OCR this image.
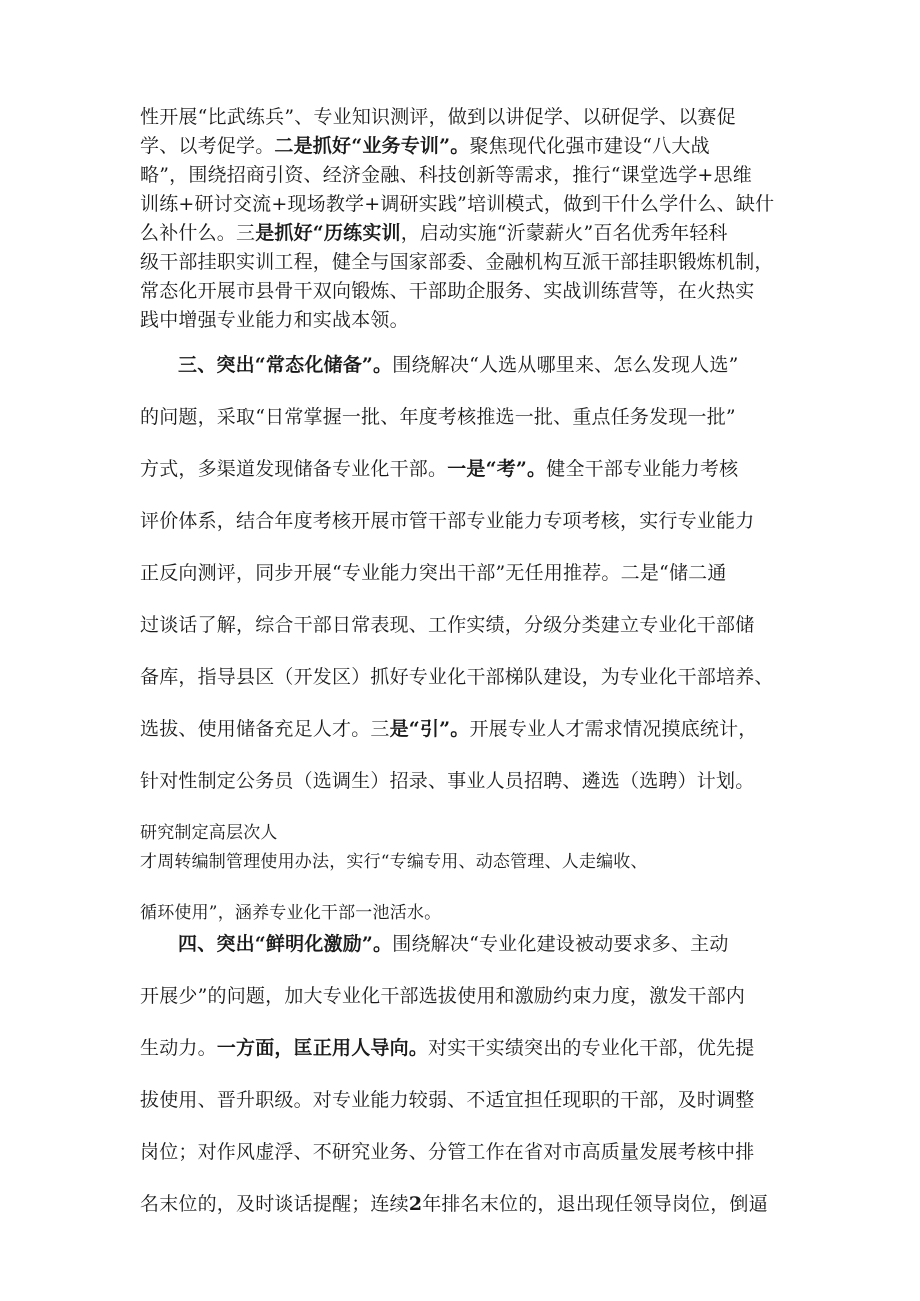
性开展“比武练兵”、专业知识测评，做到以讲促学、以研促学、以赛促
学、以考促学。二是抓好“业务专训”。聚焦现代化强市建设“八大战
略”，围绕招商引资、经济金融、科技创新等需求，推行“课堂选学+思维
训练+研讨交流+现场教学+调研实践”培训模式，做到干什么学什么、缺什
么补什么。三是抓好“历练实训，启动实施“沂蒙薪火”百名优秀年轻科
级干部挂职实训工程，健全与国家部委、金融机构互派干部挂职锻炼机制，
常态化开展市县骨干双向锻炼、干部助企服务、实战训练营等，在火热实
践中增强专业能力和实战本领。
三、突出“常态化储备”。围绕解决“人选从哪里来、怎么发现人选”
的问题，采取“日常掌握一批、年度考核推选一批、重点任务发现一批”
方式，多渠道发现储备专业化干部。一是“考”。健全干部专业能力考核
评价体系，结合年度考核开展市管干部专业能力专项考核，实行专业能力
正反向测评，同步开展“专业能力突出干部”无任用推荐。二是“储二通
过谈话了解，综合干部日常表现、工作实绩，分级分类建立专业化干部储
备库，指导县区（开发区）抓好专业化干部梯队建设，为专业化干部培养、
选拔、使用储备充足人才。三是“引”。开展专业人才需求情况摸底统计，
针对性制定公务员（选调生）招录、事业人员招聘、遴选（选聘）计划。
研究制定高层次人
才周转编制管理使用办法，实行“专编专用、动态管理、人走编收、
循环使用”，涵养专业化干部一池活水。
四、突出“鲜明化激励”。围绕解决“专业化建设被动要求多、主动
开展少”的问题，加大专业化干部选拔使用和激励约束力度，激发干部内
生动力。一方面，匡正用人导向。对实干实绩突出的专业化干部，优先提
拔使用、晋升职级。对专业能力较弱、不适宜担任现职的干部，及时调整
岗位；对作风虚浮、不研究业务、分管工作在省对市高质量发展考核中排
名末位的，及时谈话提醒；连续2年排名末位的，退出现任领导岗位，倒逼
